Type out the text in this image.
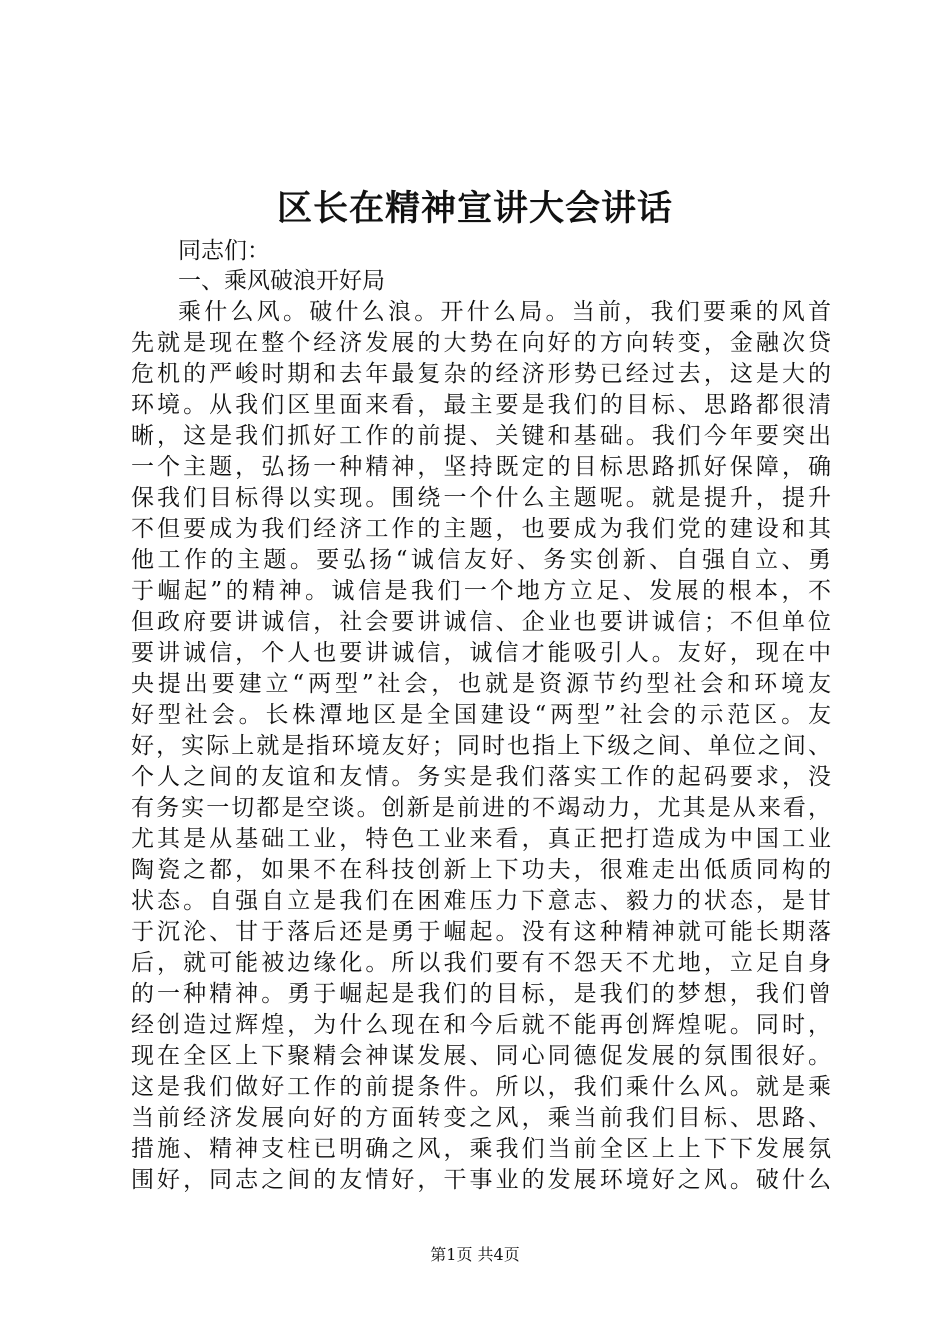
区长在精神宣讲大会讲话

同志们：

一、乘风破浪开好局

乘什么风。破什么浪。开什么局。当前，我们要乘的风首

先就是现在整个经济发展的大势在向好的方向转变，金融次贷

危机的严峻时期和去年最复杂的经济形势已经过去，这是大的

环境。从我们区里面来看，最主要是我们的目标、思路都很清

晰，这是我们抓好工作的前提、关键和基础。我们今年要突出

一个主题，弘扬一种精神，坚持既定的目标思路抓好保障，确

保我们目标得以实现。围绕一个什么主题呢。就是提升，提升

不但要成为我们经济工作的主题，也要成为我们党的建设和其

他工作的主题。要弘扬“诚信友好、务实创新、自强自立、勇

于崛起”的精神。诚信是我们一个地方立足、发展的根本，不

但政府要讲诚信，社会要讲诚信、企业也要讲诚信；不但单位

要讲诚信，个人也要讲诚信，诚信才能吸引人。友好，现在中

央提出要建立“两型”社会，也就是资源节约型社会和环境友

好型社会。长株潭地区是全国建设“两型”社会的示范区。友

好，实际上就是指环境友好；同时也指上下级之间、单位之间、

个人之间的友谊和友情。务实是我们落实工作的起码要求，没

有务实一切都是空谈。创新是前进的不竭动力，尤其是从来看，

尤其是从基础工业，特色工业来看，真正把打造成为中国工业

陶瓷之都，如果不在科技创新上下功夫，很难走出低质同构的

状态。自强自立是我们在困难压力下意志、毅力的状态，是甘

于沉沦、甘于落后还是勇于崛起。没有这种精神就可能长期落

后，就可能被边缘化。所以我们要有不怨天不尤地，立足自身

的一种精神。勇于崛起是我们的目标，是我们的梦想，我们曾

经创造过辉煌，为什么现在和今后就不能再创辉煌呢。同时，

现在全区上下聚精会神谋发展、同心同德促发展的氛围很好。

这是我们做好工作的前提条件。所以，我们乘什么风。就是乘

当前经济发展向好的方面转变之风，乘当前我们目标、思路、

措施、精神支柱已明确之风，乘我们当前全区上上下下发展氛

围好，同志之间的友情好，干事业的发展环境好之风。破什么

第1页 共4页
